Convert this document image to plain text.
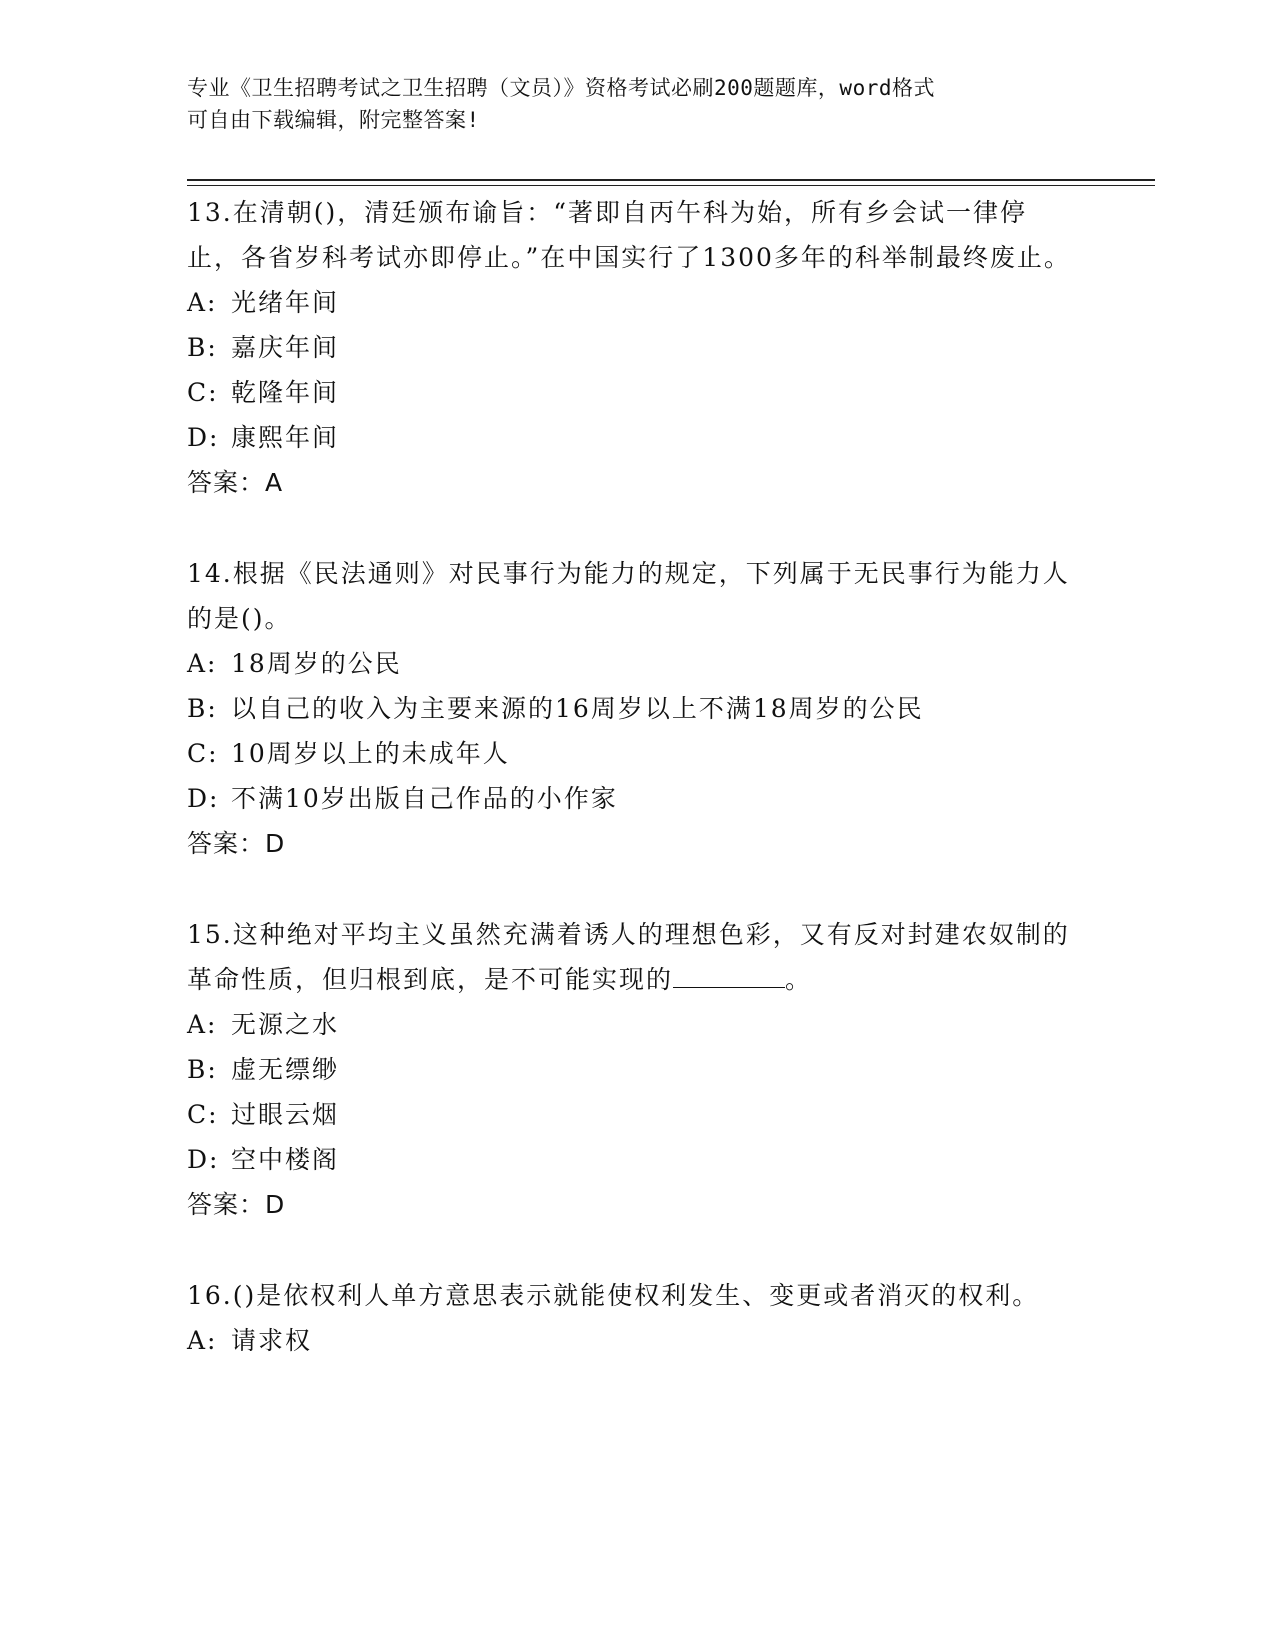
专业《卫生招聘考试之卫生招聘（文员）》资格考试必刷200题题库，word格式
可自由下载编辑，附完整答案!

13.在清朝()，清廷颁布谕旨：“著即自丙午科为始，所有乡会试一律停止，各省岁科考试亦即停止。”在中国实行了1300多年的科举制最终废止。

A: 光绪年间

B: 嘉庆年间

C: 乾隆年间

D: 康熙年间

答案：A

14.根据《民法通则》对民事行为能力的规定，下列属于无民事行为能力人的是()。

A: 18周岁的公民

B: 以自己的收入为主要来源的16周岁以上不满18周岁的公民

C: 10周岁以上的未成年人

D: 不满10岁出版自己作品的小作家

答案：D

15.这种绝对平均主义虽然充满着诱人的理想色彩，又有反对封建农奴制的革命性质，但归根到底，是不可能实现的	。

A: 无源之水

B: 虚无缥缈

C: 过眼云烟

D: 空中楼阁

答案：D

16.()是依权利人单方意思表示就能使权利发生、变更或者消灭的权利。

A: 请求权
